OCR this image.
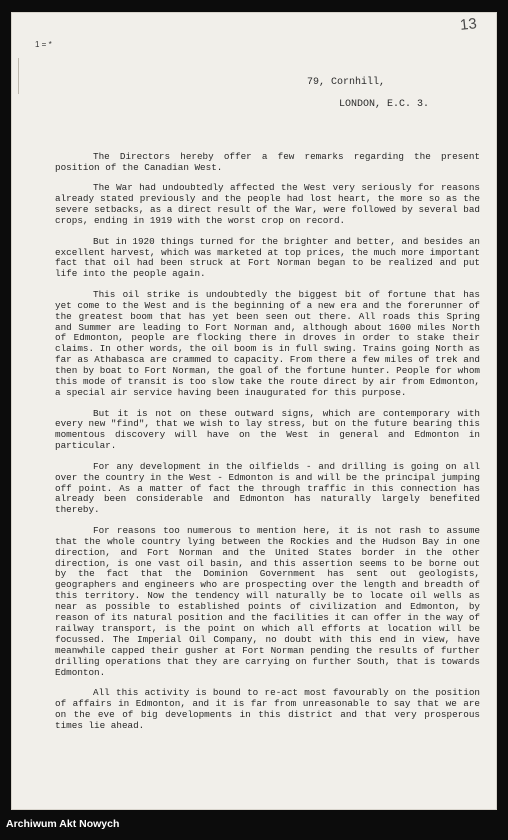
13
1 = *
79, Cornhill,
LONDON, E.C. 3.

The Directors hereby offer a few remarks regarding the present position of the Canadian West.

The War had undoubtedly affected the West very seriously for reasons already stated previously and the people had lost heart, the more so as the severe setbacks, as a direct result of the War, were followed by several bad crops, ending in 1919 with the worst crop on record.

But in 1920 things turned for the brighter and better, and besides an excellent harvest, which was marketed at top prices, the much more important fact that oil had been struck at Fort Norman began to be realized and put life into the people again.

This oil strike is undoubtedly the biggest bit of fortune that has yet come to the West and is the beginning of a new era and the forerunner of the greatest boom that has yet been seen out there. All roads this Spring and Summer are leading to Fort Norman and, although about 1600 miles North of Edmonton, people are flocking there in droves in order to stake their claims. In other words, the oil boom is in full swing. Trains going North as far as Athabasca are crammed to capacity. From there a few miles of trek and then by boat to Fort Norman, the goal of the fortune hunter. People for whom this mode of transit is too slow take the route direct by air from Edmonton, a special air service having been inaugurated for this purpose.

But it is not on these outward signs, which are contemporary with every new "find", that we wish to lay stress, but on the future bearing this momentous discovery will have on the West in general and Edmonton in particular.

For any development in the oilfields - and drilling is going on all over the country in the West - Edmonton is and will be the principal jumping off point. As a matter of fact the through traffic in this connection has already been considerable and Edmonton has naturally largely benefited thereby.

For reasons too numerous to mention here, it is not rash to assume that the whole country lying between the Rockies and the Hudson Bay in one direction, and Fort Norman and the United States border in the other direction, is one vast oil basin, and this assertion seems to be borne out by the fact that the Dominion Government has sent out geologists, geographers and engineers who are prospecting over the length and breadth of this territory. Now the tendency will naturally be to locate oil wells as near as possible to established points of civilization and Edmonton, by reason of its natural position and the facilities it can offer in the way of railway transport, is the point on which all efforts at location will be focussed. The Imperial Oil Company, no doubt with this end in view, have meanwhile capped their gusher at Fort Norman pending the results of further drilling operations that they are carrying on further South, that is towards Edmonton.

All this activity is bound to re-act most favourably on the position of affairs in Edmonton, and it is far from unreasonable to say that we are on the eve of big developments in this district and that very prosperous times lie ahead.

Archiwum Akt Nowych
